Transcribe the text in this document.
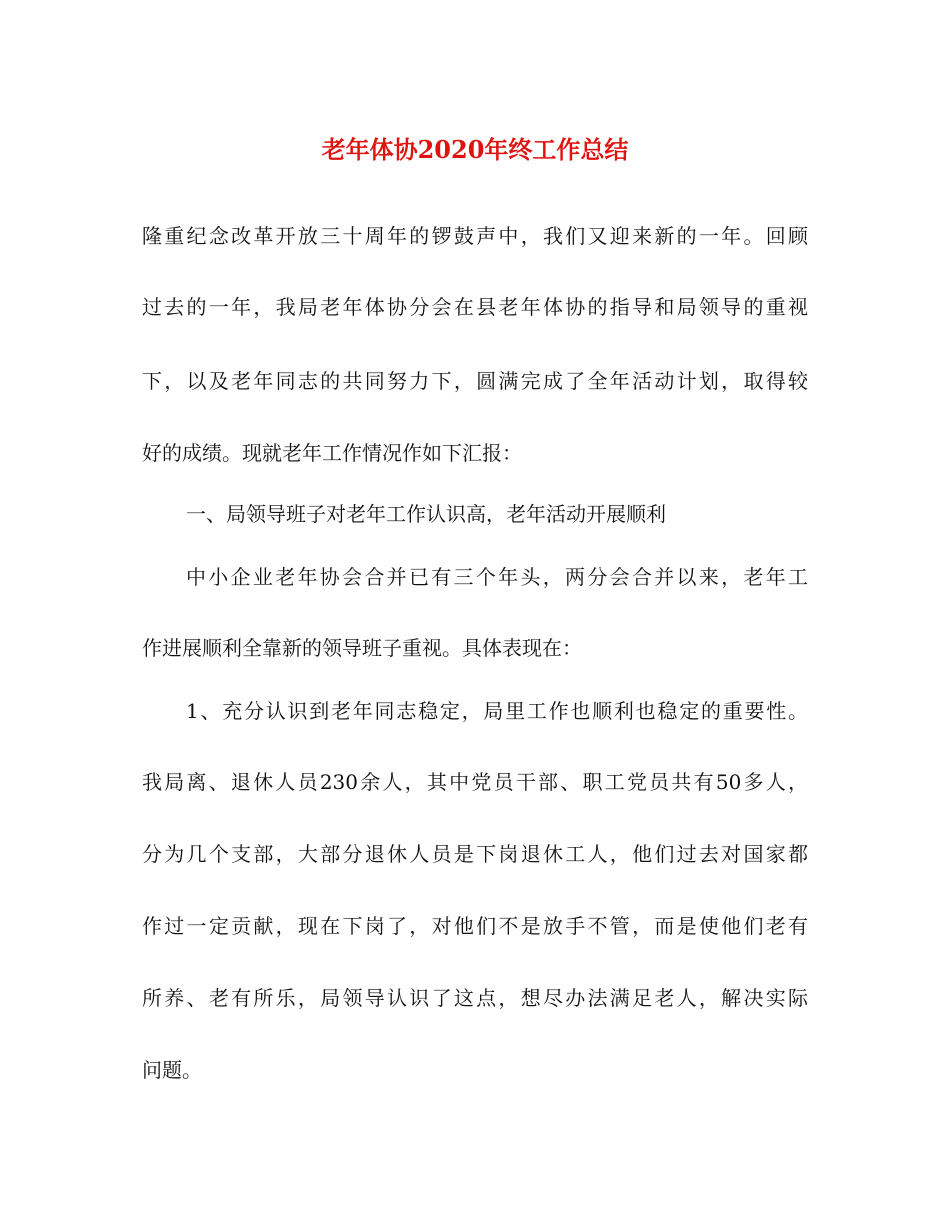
老年体协2020年终工作总结

隆重纪念改革开放三十周年的锣鼓声中，我们又迎来新的一年。回顾

过去的一年，我局老年体协分会在县老年体协的指导和局领导的重视

下，以及老年同志的共同努力下，圆满完成了全年活动计划，取得较

好的成绩。现就老年工作情况作如下汇报：

一、局领导班子对老年工作认识高，老年活动开展顺利

中小企业老年协会合并已有三个年头，两分会合并以来，老年工

作进展顺利全靠新的领导班子重视。具体表现在：

1、充分认识到老年同志稳定，局里工作也顺利也稳定的重要性。

我局离、退休人员230余人，其中党员干部、职工党员共有50多人，

分为几个支部，大部分退休人员是下岗退休工人，他们过去对国家都

作过一定贡献，现在下岗了，对他们不是放手不管，而是使他们老有

所养、老有所乐，局领导认识了这点，想尽办法满足老人，解决实际

问题。
